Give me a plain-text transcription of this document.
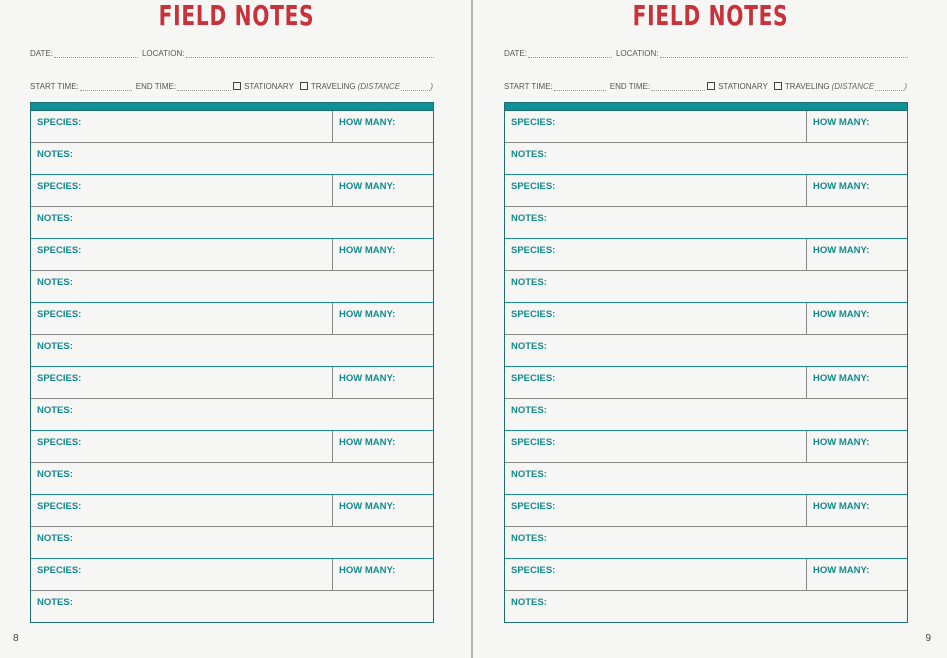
FIELD NOTES
DATE:	LOCATION:
START TIME:	END TIME:	STATIONARY TRAVELING (DISTANCE	)
SPECIES:	HOW MANY:
NOTES:
SPECIES:	HOW MANY:
NOTES:
SPECIES:	HOW MANY:
NOTES:
SPECIES:	HOW MANY:
NOTES:
SPECIES:	HOW MANY:
NOTES:
SPECIES:	HOW MANY:
NOTES:
SPECIES:	HOW MANY:
NOTES:
SPECIES:	HOW MANY:
NOTES:
8
FIELD NOTES
DATE:	LOCATION:
START TIME:	END TIME:	STATIONARY TRAVELING (DISTANCE	)
SPECIES:	HOW MANY:
NOTES:
SPECIES:	HOW MANY:
NOTES:
SPECIES:	HOW MANY:
NOTES:
SPECIES:	HOW MANY:
NOTES:
SPECIES:	HOW MANY:
NOTES:
SPECIES:	HOW MANY:
NOTES:
SPECIES:	HOW MANY:
NOTES:
SPECIES:	HOW MANY:
NOTES:
9
